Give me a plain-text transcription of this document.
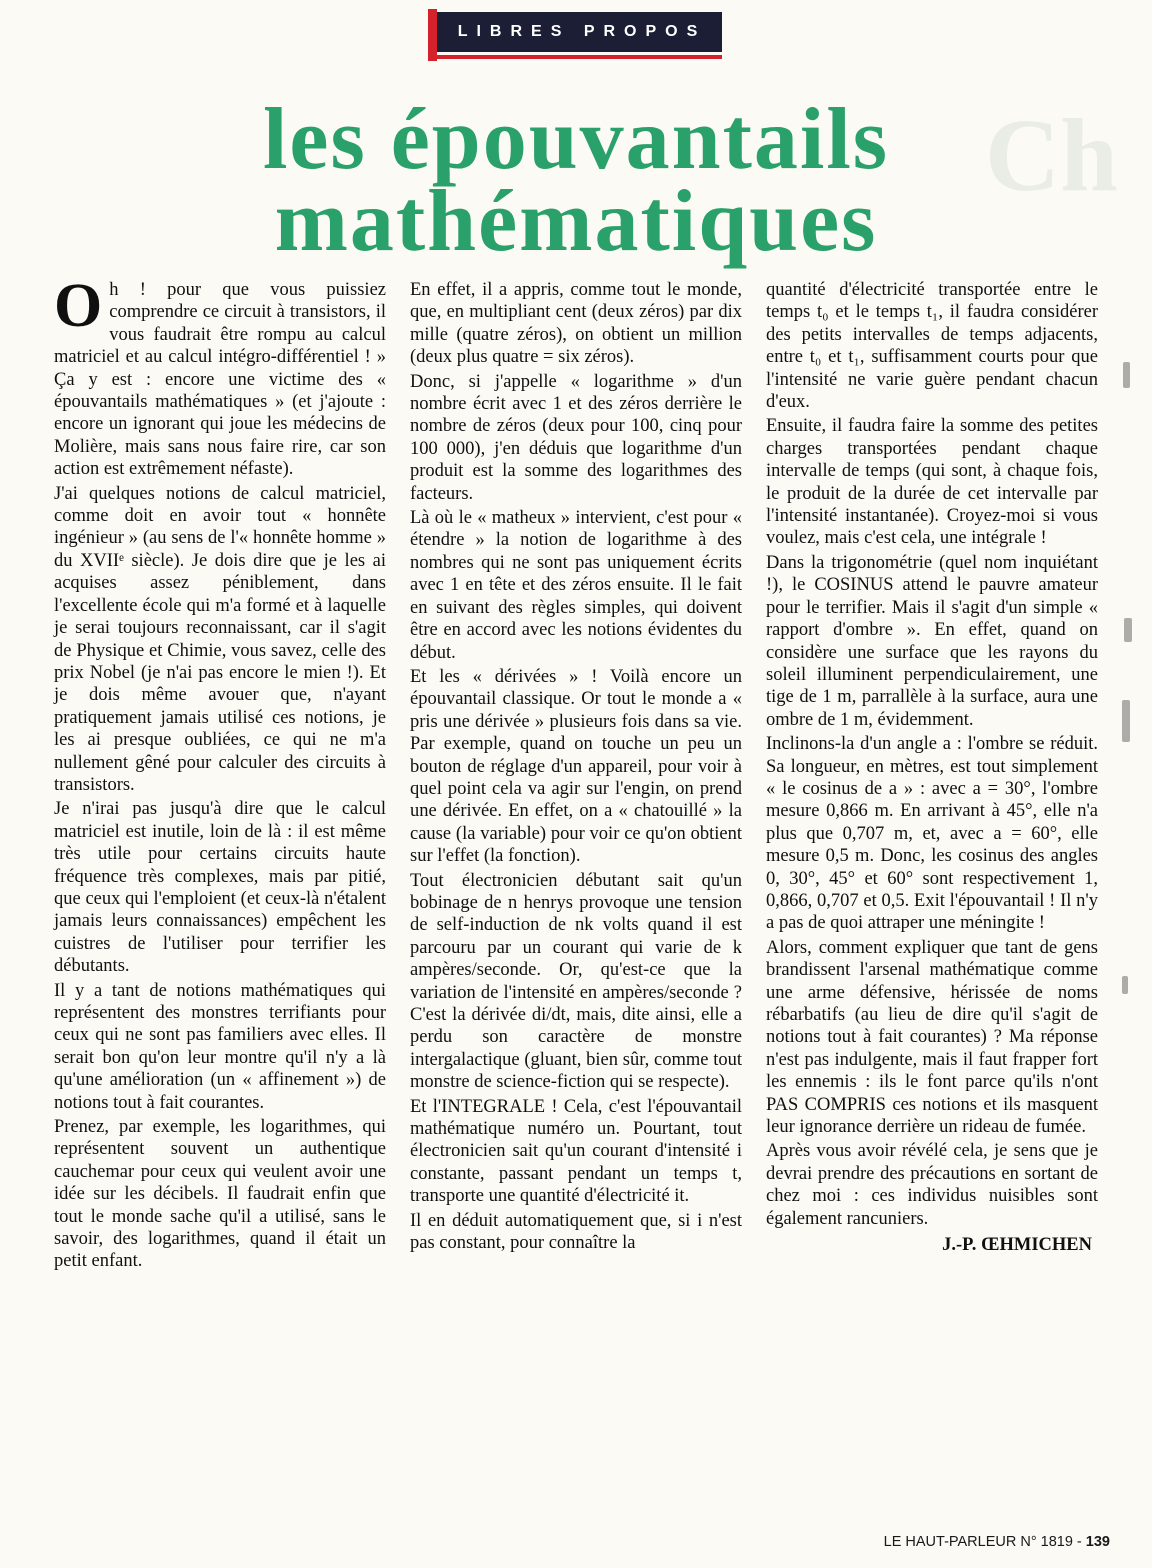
LIBRES PROPOS
Ch
les épouvantails
mathématiques

Oh ! pour que vous puissiez comprendre ce circuit à transistors, il vous faudrait être rompu au calcul matriciel et au calcul intégro-différentiel ! » Ça y est : encore une victime des « épouvantails mathématiques » (et j'ajoute : encore un ignorant qui joue les médecins de Molière, mais sans nous faire rire, car son action est extrêmement néfaste).

J'ai quelques notions de calcul matriciel, comme doit en avoir tout « honnête ingénieur » (au sens de l'« honnête homme » du XVIIᵉ siècle). Je dois dire que je les ai acquises assez péniblement, dans l'excellente école qui m'a formé et à laquelle je serai toujours reconnaissant, car il s'agit de Physique et Chimie, vous savez, celle des prix Nobel (je n'ai pas encore le mien !). Et je dois même avouer que, n'ayant pratiquement jamais utilisé ces notions, je les ai presque oubliées, ce qui ne m'a nullement gêné pour calculer des circuits à transistors.

Je n'irai pas jusqu'à dire que le calcul matriciel est inutile, loin de là : il est même très utile pour certains circuits haute fréquence très complexes, mais par pitié, que ceux qui l'emploient (et ceux-là n'étalent jamais leurs connaissances) empêchent les cuistres de l'utiliser pour terrifier les débutants.

Il y a tant de notions mathématiques qui représentent des monstres terrifiants pour ceux qui ne sont pas familiers avec elles. Il serait bon qu'on leur montre qu'il n'y a là qu'une amélioration (un « affinement ») de notions tout à fait courantes.

Prenez, par exemple, les logarithmes, qui représentent souvent un authentique cauchemar pour ceux qui veulent avoir une idée sur les décibels. Il faudrait enfin que tout le monde sache qu'il a utilisé, sans le savoir, des logarithmes, quand il était un petit enfant.

En effet, il a appris, comme tout le monde, que, en multipliant cent (deux zéros) par dix mille (quatre zéros), on obtient un million (deux plus quatre = six zéros).

Donc, si j'appelle « logarithme » d'un nombre écrit avec 1 et des zéros derrière le nombre de zéros (deux pour 100, cinq pour 100 000), j'en déduis que logarithme d'un produit est la somme des logarithmes des facteurs.

Là où le « matheux » intervient, c'est pour « étendre » la notion de logarithme à des nombres qui ne sont pas uniquement écrits avec 1 en tête et des zéros ensuite. Il le fait en suivant des règles simples, qui doivent être en accord avec les notions évidentes du début.

Et les « dérivées » ! Voilà encore un épouvantail classique. Or tout le monde a « pris une dérivée » plusieurs fois dans sa vie. Par exemple, quand on touche un peu un bouton de réglage d'un appareil, pour voir à quel point cela va agir sur l'engin, on prend une dérivée. En effet, on a « chatouillé » la cause (la variable) pour voir ce qu'on obtient sur l'effet (la fonction).

Tout électronicien débutant sait qu'un bobinage de n henrys provoque une tension de self-induction de nk volts quand il est parcouru par un courant qui varie de k ampères/seconde. Or, qu'est-ce que la variation de l'intensité en ampères/seconde ? C'est la dérivée di/dt, mais, dite ainsi, elle a perdu son caractère de monstre intergalactique (gluant, bien sûr, comme tout monstre de science-fiction qui se respecte).

Et l'INTEGRALE ! Cela, c'est l'épouvantail mathématique numéro un. Pourtant, tout électronicien sait qu'un courant d'intensité i constante, passant pendant un temps t, transporte une quantité d'électricité it.

Il en déduit automatiquement que, si i n'est pas constant, pour connaître la

quantité d'électricité transportée entre le temps t₀ et le temps t₁, il faudra considérer des petits intervalles de temps adjacents, entre t₀ et t₁, suffisamment courts pour que l'intensité ne varie guère pendant chacun d'eux.

Ensuite, il faudra faire la somme des petites charges transportées pendant chaque intervalle de temps (qui sont, à chaque fois, le produit de la durée de cet intervalle par l'intensité instantanée). Croyez-moi si vous voulez, mais c'est cela, une intégrale !

Dans la trigonométrie (quel nom inquiétant !), le COSINUS attend le pauvre amateur pour le terrifier. Mais il s'agit d'un simple « rapport d'ombre ». En effet, quand on considère une surface que les rayons du soleil illuminent perpendiculairement, une tige de 1 m, parrallèle à la surface, aura une ombre de 1 m, évidemment.

Inclinons-la d'un angle a : l'ombre se réduit. Sa longueur, en mètres, est tout simplement « le cosinus de a » : avec a = 30°, l'ombre mesure 0,866 m. En arrivant à 45°, elle n'a plus que 0,707 m, et, avec a = 60°, elle mesure 0,5 m. Donc, les cosinus des angles 0, 30°, 45° et 60° sont respectivement 1, 0,866, 0,707 et 0,5. Exit l'épouvantail ! Il n'y a pas de quoi attraper une méningite !

Alors, comment expliquer que tant de gens brandissent l'arsenal mathématique comme une arme défensive, hérissée de noms rébarbatifs (au lieu de dire qu'il s'agit de notions tout à fait courantes) ? Ma réponse n'est pas indulgente, mais il faut frapper fort les ennemis : ils le font parce qu'ils n'ont PAS COMPRIS ces notions et ils masquent leur ignorance derrière un rideau de fumée.

Après vous avoir révélé cela, je sens que je devrai prendre des précautions en sortant de chez moi : ces individus nuisibles sont également rancuniers.

J.-P. ŒHMICHEN

LE HAUT-PARLEUR N° 1819 - 139
